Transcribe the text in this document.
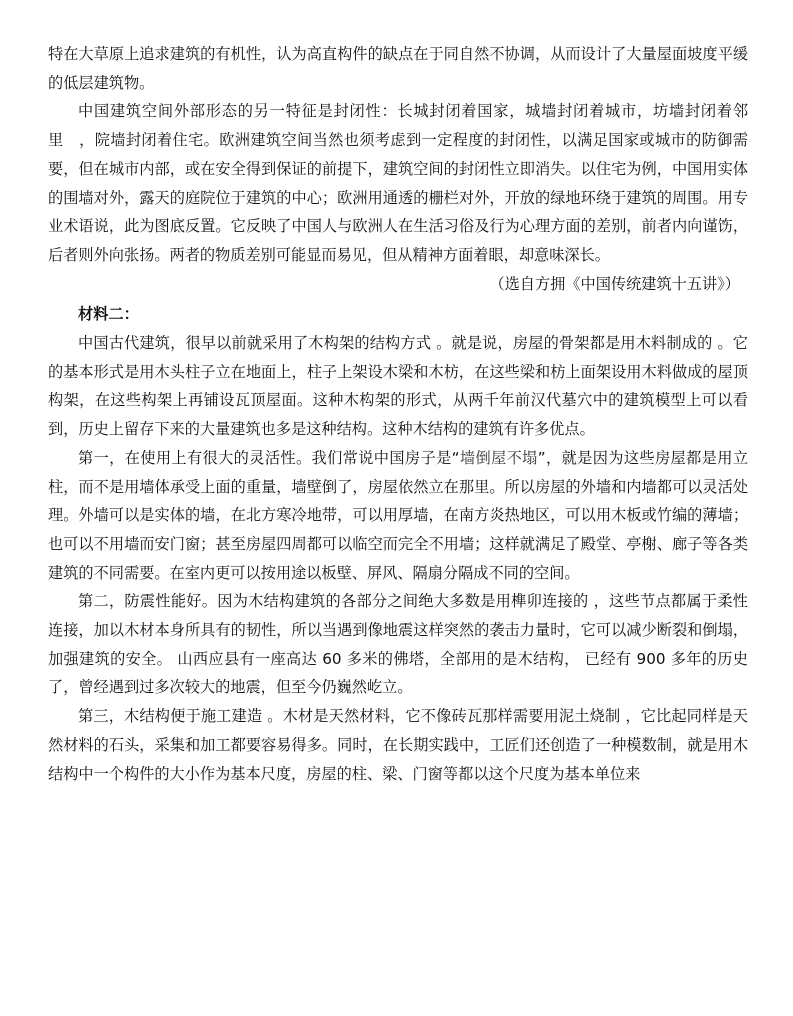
特在大草原上追求建筑的有机性，认为高直构件的缺点在于同自然不协调，从而设计了大量屋面坡度平缓的低层建筑物。

中国建筑空间外部形态的另一特征是封闭性：长城封闭着国家，城墙封闭着城市，坊墙封闭着邻里　，院墙封闭着住宅。欧洲建筑空间当然也须考虑到一定程度的封闭性，以满足国家或城市的防御需要，但在城市内部，或在安全得到保证的前提下，建筑空间的封闭性立即消失。以住宅为例，中国用实体的围墙对外，露天的庭院位于建筑的中心；欧洲用通透的栅栏对外，开放的绿地环绕于建筑的周围。用专业术语说，此为图底反置。它反映了中国人与欧洲人在生活习俗及行为心理方面的差别，前者内向谨饬，后者则外向张扬。两者的物质差别可能显而易见，但从精神方面着眼，却意味深长。

（选自方拥《中国传统建筑十五讲》）

材料二：

中国古代建筑，很早以前就采用了木构架的结构方式 。就是说，房屋的骨架都是用木料制成的 。它的基本形式是用木头柱子立在地面上，柱子上架设木梁和木枋，在这些梁和枋上面架设用木料做成的屋顶构架，在这些构架上再铺设瓦顶屋面。这种木构架的形式，从两千年前汉代墓穴中的建筑模型上可以看到，历史上留存下来的大量建筑也多是这种结构。这种木结构的建筑有许多优点。

第一，在使用上有很大的灵活性。我们常说中国房子是“墙倒屋不塌”，就是因为这些房屋都是用立柱，而不是用墙体承受上面的重量，墙壁倒了，房屋依然立在那里。所以房屋的外墙和内墙都可以灵活处理。外墙可以是实体的墙，在北方寒冷地带，可以用厚墙，在南方炎热地区，可以用木板或竹编的薄墙；也可以不用墙而安门窗；甚至房屋四周都可以临空而完全不用墙；这样就满足了殿堂、亭榭、廊子等各类建筑的不同需要。在室内更可以按用途以板壁、屏风、隔扇分隔成不同的空间。

第二，防震性能好。因为木结构建筑的各部分之间绝大多数是用榫卯连接的 ，这些节点都属于柔性连接，加以木材本身所具有的韧性，所以当遇到像地震这样突然的袭击力量时，它可以减少断裂和倒塌，加强建筑的安全。 山西应县有一座高达 60 多米的佛塔，全部用的是木结构， 已经有 900 多年的历史了，曾经遇到过多次较大的地震，但至今仍巍然屹立。

第三，木结构便于施工建造 。木材是天然材料，它不像砖瓦那样需要用泥土烧制 ，它比起同样是天然材料的石头，采集和加工都要容易得多。同时，在长期实践中，工匠们还创造了一种模数制，就是用木结构中一个构件的大小作为基本尺度，房屋的柱、梁、门窗等都以这个尺度为基本单位来
